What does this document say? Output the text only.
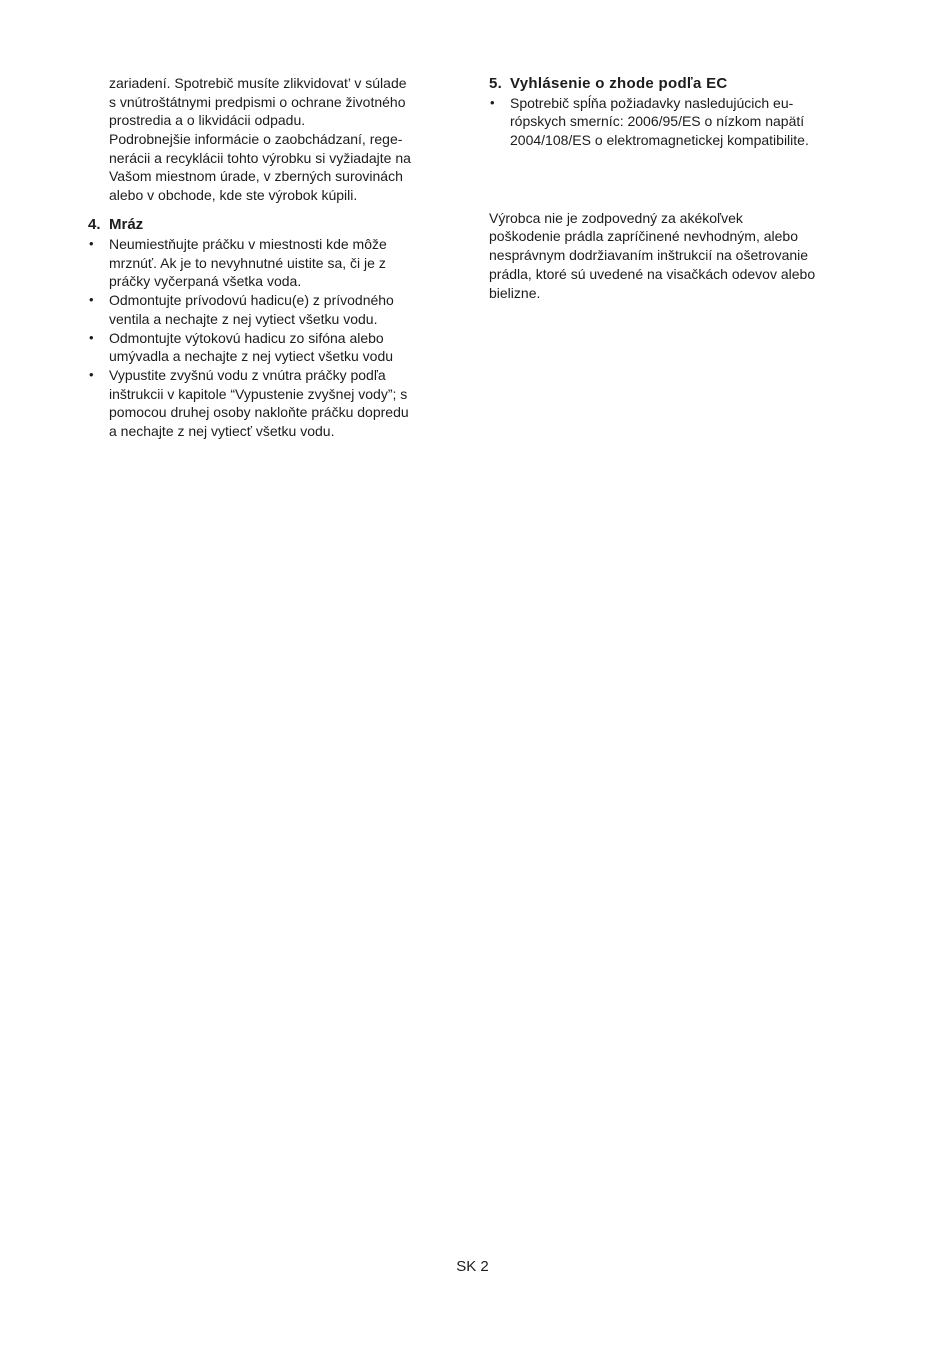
zariadení. Spotrebič musíte zlikvidovat’ v súlade
s vnútroštátnymi predpismi o ochrane životného
prostredia a o likvidácii odpadu.
Podrobnejšie informácie o zaobchádzaní, rege-
nerácii a recyklácii tohto výrobku si vyžiadajte na
Vašom miestnom úrade, v zberných surovinách
alebo v obchode, kde ste výrobok kúpili.
4. Mráz
• Neumiestňujte práčku v miestnosti kde môže
mrznúť. Ak je to nevyhnutné uistite sa, či je z
práčky vyčerpaná všetka voda.
• Odmontujte prívodovú hadicu(e) z prívodného
ventila a nechajte z nej vytiect všetku vodu.
• Odmontujte výtokovú hadicu zo sifóna alebo
umývadla a nechajte z nej vytiect všetku vodu
• Vypustite zvyšnú vodu z vnútra práčky podľa
inštrukcii v kapitole “Vypustenie zvyšnej vody”; s
pomocou druhej osoby nakloňte práčku dopredu
a nechajte z nej vytiecť všetku vodu.
5. Vyhlásenie o zhode podľa EC
• Spotrebič spĺňa požiadavky nasledujúcich eu-
rópskych smerníc: 2006/95/ES o nízkom napätí
2004/108/ES o elektromagnetickej kompatibilite.
Výrobca nie je zodpovedný za akékoľvek
poškodenie prádla zapríčinené nevhodným, alebo
nesprávnym dodržiavaním inštrukcií na ošetrovanie
prádla, ktoré sú uvedené na visačkách odevov alebo
bielizne.
SK 2
